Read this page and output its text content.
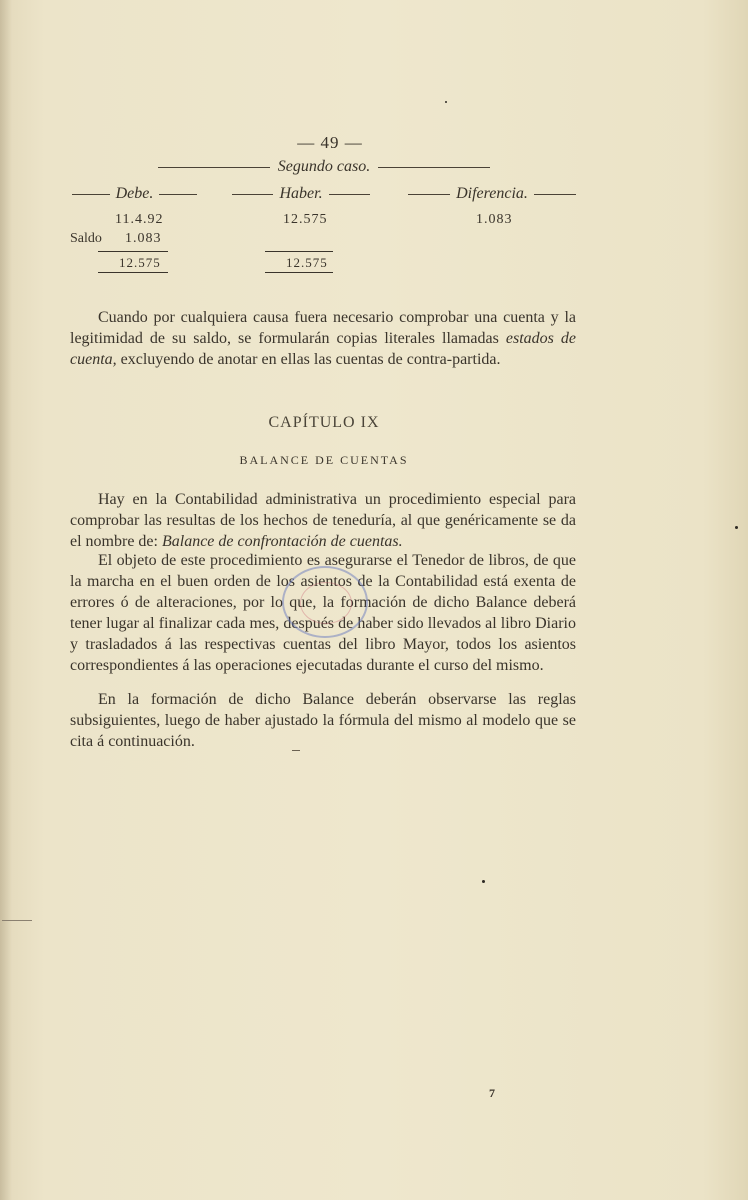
— 49 —
Segundo caso.
Debe.	Haber.	Diferencia.
11.4.92
Saldo 1.083
12.575
12.575
12.575
1.083

Cuando por cualquiera causa fuera necesario comprobar una cuenta y la legitimidad de su saldo, se formularán copias literales llamadas estados de cuenta, excluyendo de anotar en ellas las cuentas de contra-partida.

CAPÍTULO IX
BALANCE DE CUENTAS

Hay en la Contabilidad administrativa un procedimiento especial para comprobar las resultas de los hechos de teneduría, al que genéricamente se da el nombre de: Balance de confrontación de cuentas.

El objeto de este procedimiento es asegurarse el Tenedor de libros, de que la marcha en el buen orden de los asientos de la Contabilidad está exenta de errores ó de alteraciones, por lo que, la formación de dicho Balance deberá tener lugar al finalizar cada mes, después de haber sido llevados al libro Diario y trasladados á las respectivas cuentas del libro Mayor, todos los asientos correspondientes á las operaciones ejecutadas durante el curso del mismo.

En la formación de dicho Balance deberán observarse las reglas subsiguientes, luego de haber ajustado la fórmula del mismo al modelo que se cita á continuación.

7
